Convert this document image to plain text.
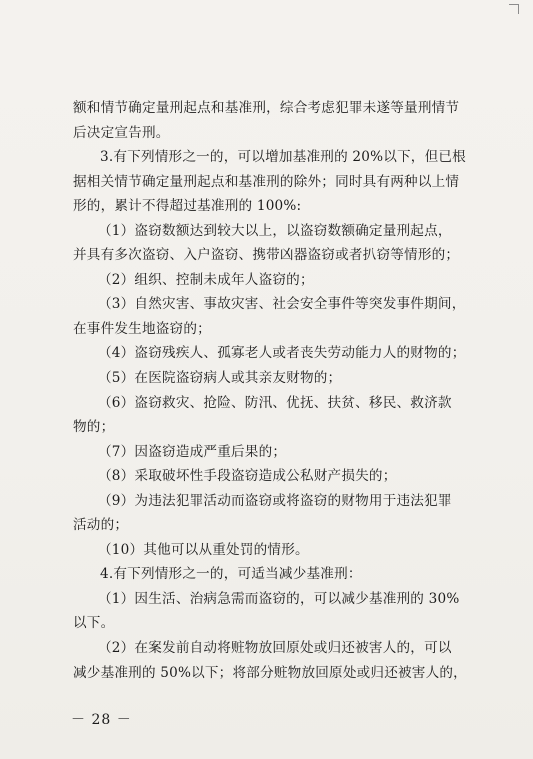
额和情节确定量刑起点和基准刑，综合考虑犯罪未遂等量刑情节
后决定宣告刑。
3.有下列情形之一的，可以增加基准刑的 20%以下，但已根
据相关情节确定量刑起点和基准刑的除外；同时具有两种以上情
形的，累计不得超过基准刑的 100%:
（1）盗窃数额达到较大以上，以盗窃数额确定量刑起点，
并具有多次盗窃、入户盗窃、携带凶器盗窃或者扒窃等情形的；
（2）组织、控制未成年人盗窃的；
（3）自然灾害、事故灾害、社会安全事件等突发事件期间，
在事件发生地盗窃的；
（4）盗窃残疾人、孤寡老人或者丧失劳动能力人的财物的；
（5）在医院盗窃病人或其亲友财物的；
（6）盗窃救灾、抢险、防汛、优抚、扶贫、移民、救济款
物的；
（7）因盗窃造成严重后果的；
（8）采取破坏性手段盗窃造成公私财产损失的；
（9）为违法犯罪活动而盗窃或将盗窃的财物用于违法犯罪
活动的；
（10）其他可以从重处罚的情形。
4.有下列情形之一的，可适当减少基准刑：
（1）因生活、治病急需而盗窃的，可以减少基准刑的 30%
以下。
（2）在案发前自动将赃物放回原处或归还被害人的，可以
减少基准刑的 50%以下；将部分赃物放回原处或归还被害人的，
－ 28 －
